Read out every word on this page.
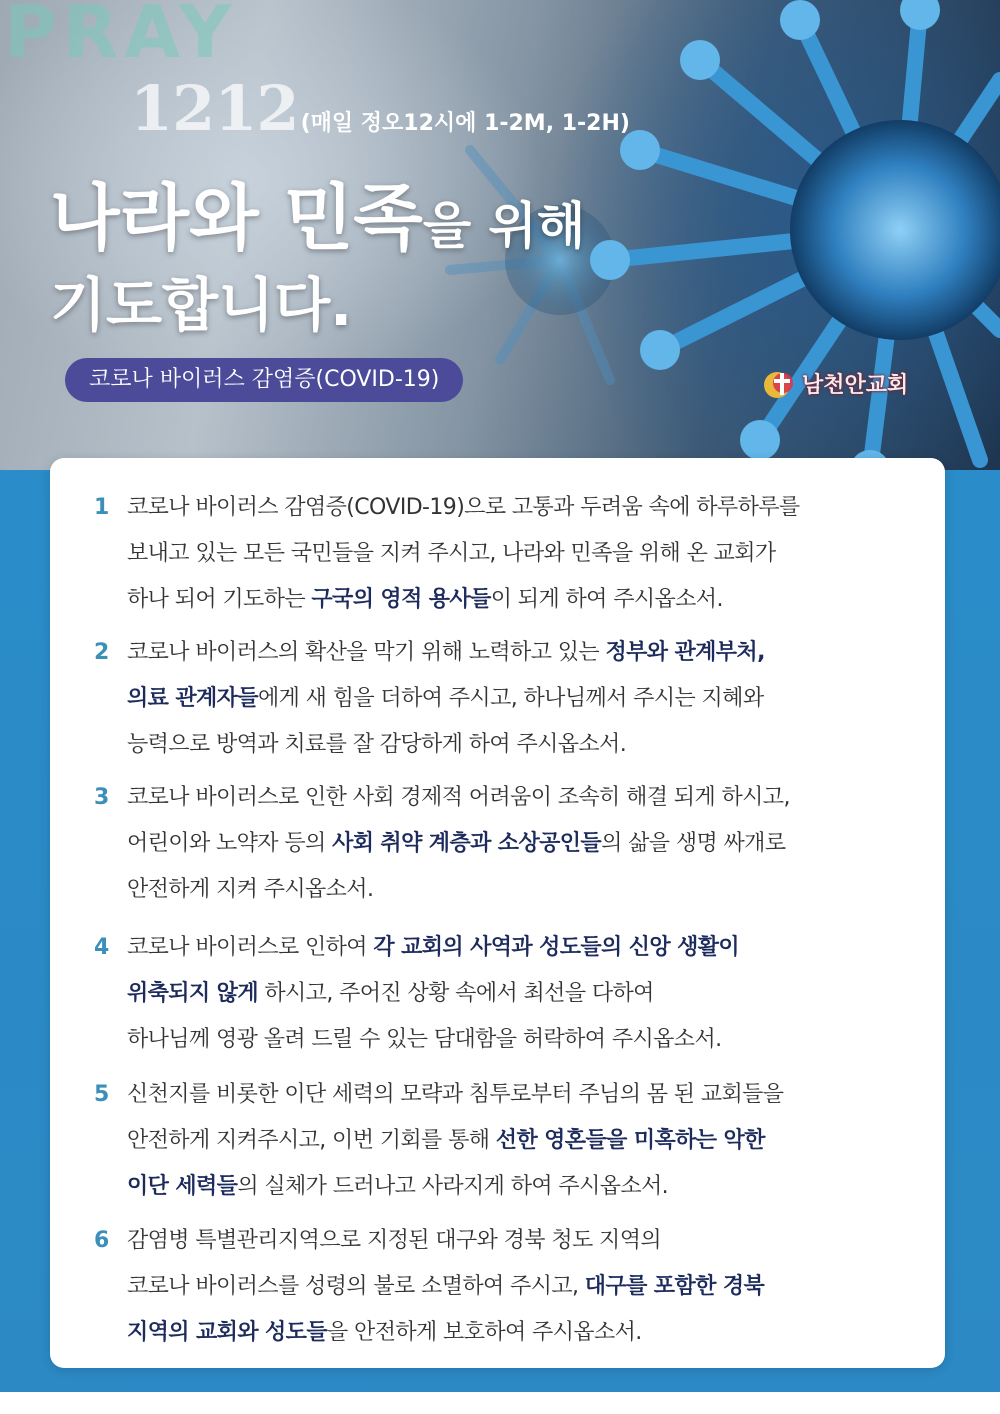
PRAY
1212(매일 정오12시에 1-2M, 1-2H)
나라와 민족을 위해
기도합니다.
코로나 바이러스 감염증(COVID-19)	남천안교회
1 코로나 바이러스 감염증(COVID-19)으로 고통과 두려움 속에 하루하루를
보내고 있는 모든 국민들을 지켜 주시고, 나라와 민족을 위해 온 교회가
하나 되어 기도하는 구국의 영적 용사들이 되게 하여 주시옵소서.
2 코로나 바이러스의 확산을 막기 위해 노력하고 있는 정부와 관계부처,
의료 관계자들에게 새 힘을 더하여 주시고, 하나님께서 주시는 지혜와
능력으로 방역과 치료를 잘 감당하게 하여 주시옵소서.
3 코로나 바이러스로 인한 사회 경제적 어려움이 조속히 해결 되게 하시고,
어린이와 노약자 등의 사회 취약 계층과 소상공인들의 삶을 생명 싸개로
안전하게 지켜 주시옵소서.
4 코로나 바이러스로 인하여 각 교회의 사역과 성도들의 신앙 생활이
위축되지 않게 하시고, 주어진 상황 속에서 최선을 다하여
하나님께 영광 올려 드릴 수 있는 담대함을 허락하여 주시옵소서.
5 신천지를 비롯한 이단 세력의 모략과 침투로부터 주님의 몸 된 교회들을
안전하게 지켜주시고, 이번 기회를 통해 선한 영혼들을 미혹하는 악한
이단 세력들의 실체가 드러나고 사라지게 하여 주시옵소서.
6 감염병 특별관리지역으로 지정된 대구와 경북 청도 지역의
코로나 바이러스를 성령의 불로 소멸하여 주시고, 대구를 포함한 경북
지역의 교회와 성도들을 안전하게 보호하여 주시옵소서.
